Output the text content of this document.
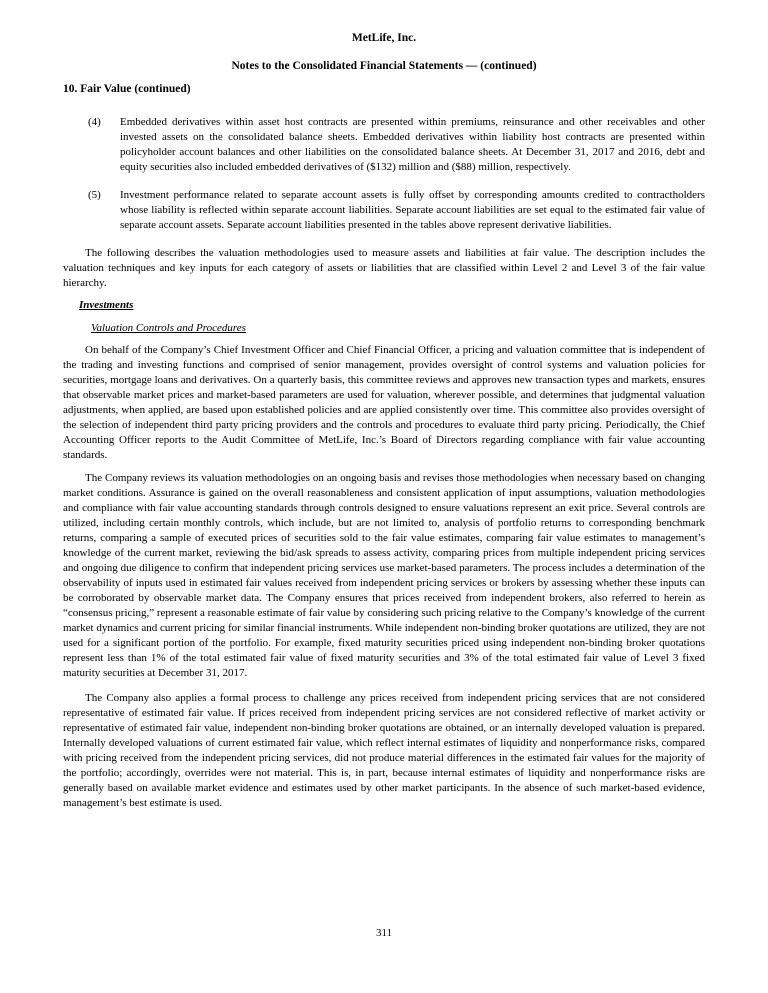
MetLife, Inc.
Notes to the Consolidated Financial Statements — (continued)
10. Fair Value (continued)
(4)	Embedded derivatives within asset host contracts are presented within premiums, reinsurance and other receivables and other invested assets on the consolidated balance sheets. Embedded derivatives within liability host contracts are presented within policyholder account balances and other liabilities on the consolidated balance sheets. At December 31, 2017 and 2016, debt and equity securities also included embedded derivatives of ($132) million and ($88) million, respectively.
(5)	Investment performance related to separate account assets is fully offset by corresponding amounts credited to contractholders whose liability is reflected within separate account liabilities. Separate account liabilities are set equal to the estimated fair value of separate account assets. Separate account liabilities presented in the tables above represent derivative liabilities.

The following describes the valuation methodologies used to measure assets and liabilities at fair value. The description includes the valuation techniques and key inputs for each category of assets or liabilities that are classified within Level 2 and Level 3 of the fair value hierarchy.

Investments
Valuation Controls and Procedures

On behalf of the Company’s Chief Investment Officer and Chief Financial Officer, a pricing and valuation committee that is independent of the trading and investing functions and comprised of senior management, provides oversight of control systems and valuation policies for securities, mortgage loans and derivatives. On a quarterly basis, this committee reviews and approves new transaction types and markets, ensures that observable market prices and market-based parameters are used for valuation, wherever possible, and determines that judgmental valuation adjustments, when applied, are based upon established policies and are applied consistently over time. This committee also provides oversight of the selection of independent third party pricing providers and the controls and procedures to evaluate third party pricing. Periodically, the Chief Accounting Officer reports to the Audit Committee of MetLife, Inc.’s Board of Directors regarding compliance with fair value accounting standards.

The Company reviews its valuation methodologies on an ongoing basis and revises those methodologies when necessary based on changing market conditions. Assurance is gained on the overall reasonableness and consistent application of input assumptions, valuation methodologies and compliance with fair value accounting standards through controls designed to ensure valuations represent an exit price. Several controls are utilized, including certain monthly controls, which include, but are not limited to, analysis of portfolio returns to corresponding benchmark returns, comparing a sample of executed prices of securities sold to the fair value estimates, comparing fair value estimates to management’s knowledge of the current market, reviewing the bid/ask spreads to assess activity, comparing prices from multiple independent pricing services and ongoing due diligence to confirm that independent pricing services use market-based parameters. The process includes a determination of the observability of inputs used in estimated fair values received from independent pricing services or brokers by assessing whether these inputs can be corroborated by observable market data. The Company ensures that prices received from independent brokers, also referred to herein as “consensus pricing,” represent a reasonable estimate of fair value by considering such pricing relative to the Company’s knowledge of the current market dynamics and current pricing for similar financial instruments. While independent non-binding broker quotations are utilized, they are not used for a significant portion of the portfolio. For example, fixed maturity securities priced using independent non-binding broker quotations represent less than 1% of the total estimated fair value of fixed maturity securities and 3% of the total estimated fair value of Level 3 fixed maturity securities at December 31, 2017.

The Company also applies a formal process to challenge any prices received from independent pricing services that are not considered representative of estimated fair value. If prices received from independent pricing services are not considered reflective of market activity or representative of estimated fair value, independent non-binding broker quotations are obtained, or an internally developed valuation is prepared. Internally developed valuations of current estimated fair value, which reflect internal estimates of liquidity and nonperformance risks, compared with pricing received from the independent pricing services, did not produce material differences in the estimated fair values for the majority of the portfolio; accordingly, overrides were not material. This is, in part, because internal estimates of liquidity and nonperformance risks are generally based on available market evidence and estimates used by other market participants. In the absence of such market-based evidence, management’s best estimate is used.

311
